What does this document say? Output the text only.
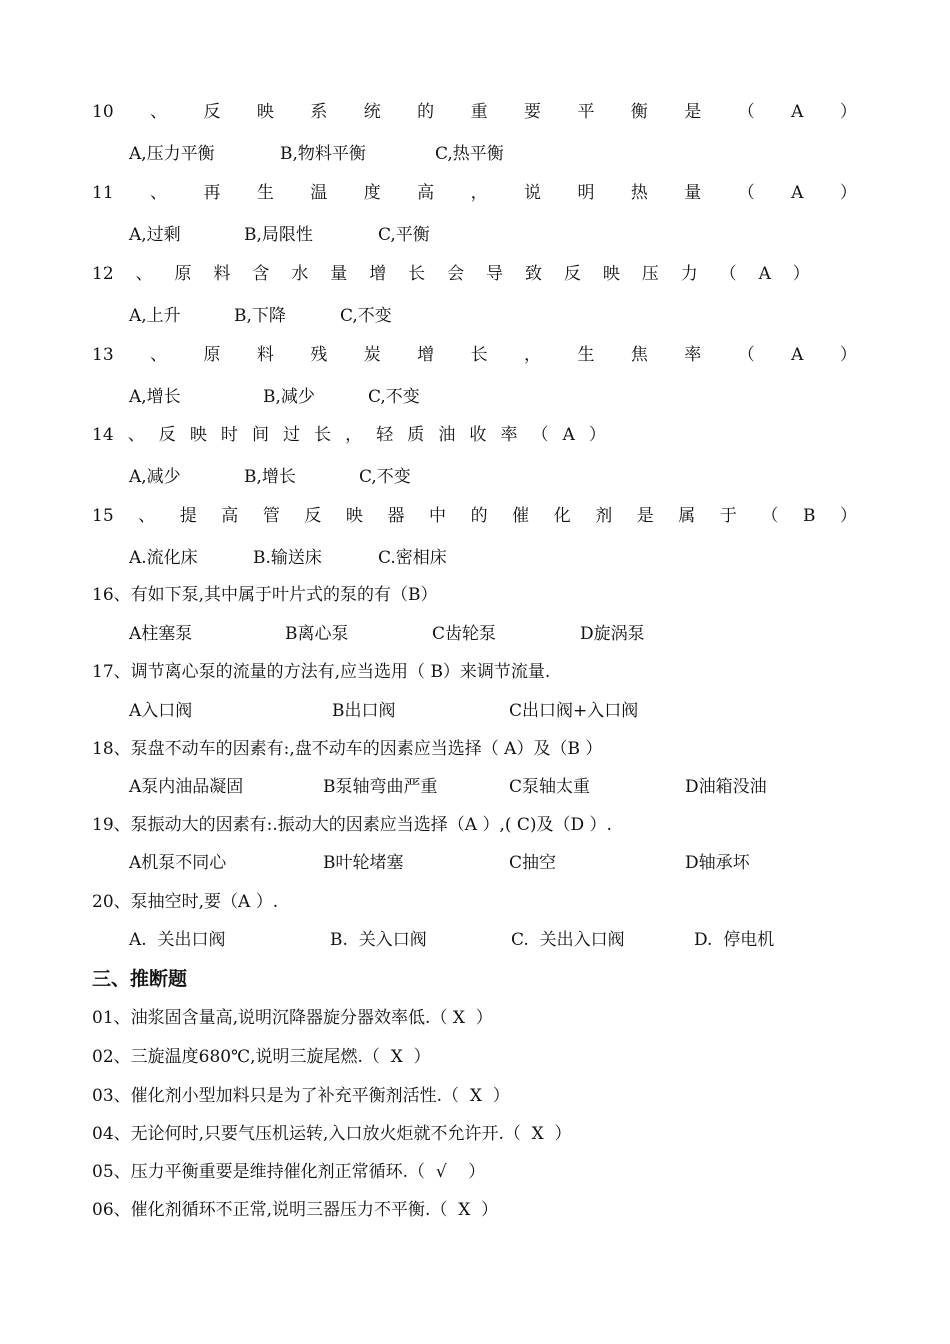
10 、 反 映 系 统 的 重 要 平 衡 是 （ A ）
A,压力平衡	B,物料平衡	C,热平衡
11 、 再 生 温 度 高 ， 说 明 热 量 （ A ）
A,过剩	B,局限性	C,平衡
12 、 原 料 含 水 量 增 长 会 导 致 反 映 压 力 （ A ）
A,上升	B,下降	C,不变
13 、 原 料 残 炭 增 长 ， 生 焦 率 （ A ）
A,增长	B,减少	C,不变
14 、 反 映 时 间 过 长 ， 轻 质 油 收 率 （ A ）
A,减少	B,增长	C,不变
15 、 提 高 管 反 映 器 中 的 催 化 剂 是 属 于 （ B ）
A.流化床	B.输送床	C.密相床
16、有如下泵,其中属于叶片式的泵的有（B）
A柱塞泵	B离心泵	C齿轮泵	D旋涡泵
17、调节离心泵的流量的方法有,应当选用（ B）来调节流量.
A入口阀	B出口阀	C出口阀+入口阀
18、泵盘不动车的因素有:,盘不动车的因素应当选择（ A）及（B ）
A泵内油品凝固	B泵轴弯曲严重	C泵轴太重	D油箱没油
19、泵振动大的因素有:.振动大的因素应当选择（A ）,( C)及（D ）.
A机泵不同心	B叶轮堵塞	C抽空	D轴承坏
20、泵抽空时,要（A ）.
A.  关出口阀	B.  关入口阀	C.  关出入口阀	D.  停电机
三、推断题
01、油浆固含量高,说明沉降器旋分器效率低.（ X  ）
02、三旋温度680℃,说明三旋尾燃.（  X  ）
03、催化剂小型加料只是为了补充平衡剂活性.（  X  ）
04、无论何时,只要气压机运转,入口放火炬就不允许开.（  X  ）
05、压力平衡重要是维持催化剂正常循环.（  √    ）
06、催化剂循环不正常,说明三器压力不平衡.（  X  ）
